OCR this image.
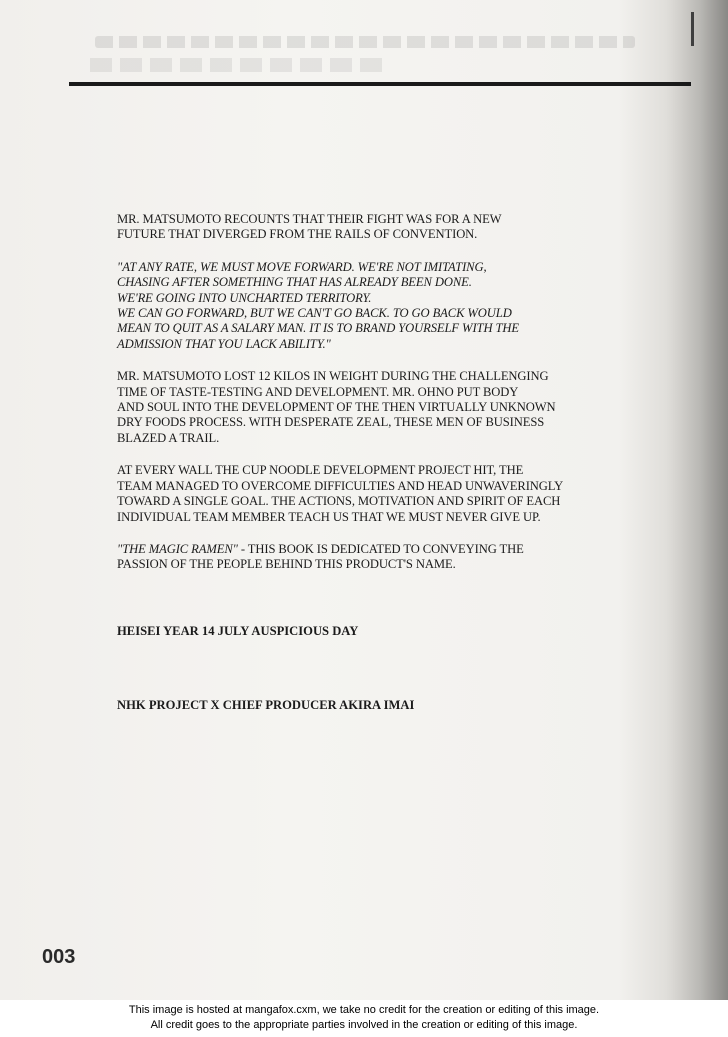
MR. MATSUMOTO RECOUNTS THAT THEIR FIGHT WAS FOR A NEW
FUTURE THAT DIVERGED FROM THE RAILS OF CONVENTION.

"AT ANY RATE, WE MUST MOVE FORWARD. WE'RE NOT IMITATING,
CHASING AFTER SOMETHING THAT HAS ALREADY BEEN DONE.
WE'RE GOING INTO UNCHARTED TERRITORY.
WE CAN GO FORWARD, BUT WE CAN'T GO BACK. TO GO BACK WOULD
MEAN TO QUIT AS A SALARY MAN. IT IS TO BRAND YOURSELF WITH THE
ADMISSION THAT YOU LACK ABILITY."

MR. MATSUMOTO LOST 12 KILOS IN WEIGHT DURING THE CHALLENGING
TIME OF TASTE-TESTING AND DEVELOPMENT. MR. OHNO PUT BODY
AND SOUL INTO THE DEVELOPMENT OF THE THEN VIRTUALLY UNKNOWN
DRY FOODS PROCESS. WITH DESPERATE ZEAL, THESE MEN OF BUSINESS
BLAZED A TRAIL.

AT EVERY WALL THE CUP NOODLE DEVELOPMENT PROJECT HIT, THE
TEAM MANAGED TO OVERCOME DIFFICULTIES AND HEAD UNWAVERINGLY
TOWARD A SINGLE GOAL. THE ACTIONS, MOTIVATION AND SPIRIT OF EACH
INDIVIDUAL TEAM MEMBER TEACH US THAT WE MUST NEVER GIVE UP.

"THE MAGIC RAMEN" - THIS BOOK IS DEDICATED TO CONVEYING THE
PASSION OF THE PEOPLE BEHIND THIS PRODUCT'S NAME.

HEISEI YEAR 14 JULY AUSPICIOUS DAY
NHK PROJECT X CHIEF PRODUCER AKIRA IMAI
003
This image is hosted at mangafox.cxm, we take no credit for the creation or editing of this image.
All credit goes to the appropriate parties involved in the creation or editing of this image.
